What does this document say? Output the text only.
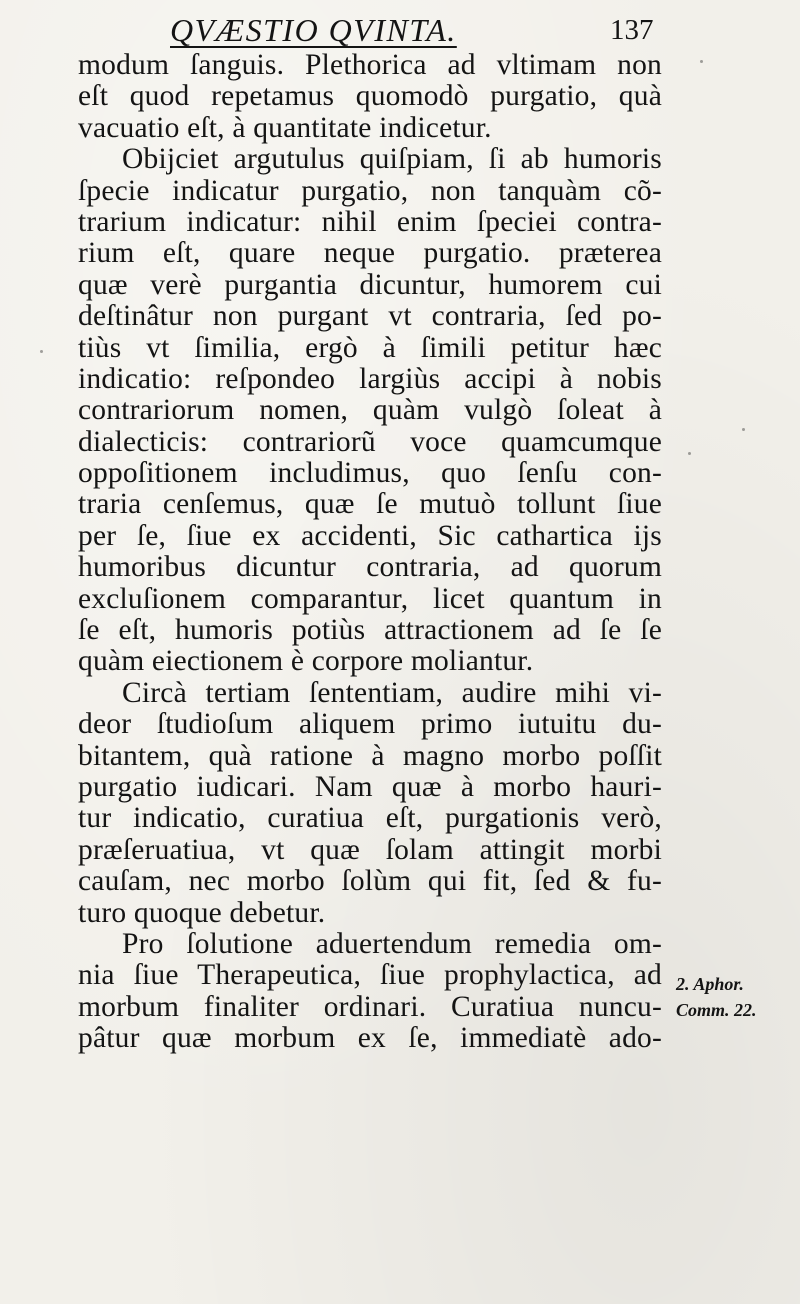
QVÆSTIO QVINTA.	137
modum ſanguis. Plethorica ad vltimam non
eſt quod repetamus quomodò purgatio, quà
vacuatio eſt, à quantitate indicetur.
Obijciet argutulus quiſpiam, ſi ab humoris
ſpecie indicatur purgatio, non tanquàm cõ-
trarium indicatur: nihil enim ſpeciei contra-
rium eſt, quare neque purgatio. præterea
quæ verè purgantia dicuntur, humorem cui
deſtinâtur non purgant vt contraria, ſed po-
tiùs vt ſimilia, ergò à ſimili petitur hæc
indicatio: reſpondeo largiùs accipi à nobis
contrariorum nomen, quàm vulgò ſoleat à
dialecticis: contrariorũ voce quamcumque
oppoſitionem includimus, quo ſenſu con-
traria cenſemus, quæ ſe mutuò tollunt ſiue
per ſe, ſiue ex accidenti, Sic cathartica ijs
humoribus dicuntur contraria, ad quorum
excluſionem comparantur, licet quantum in
ſe eſt, humoris potiùs attractionem ad ſe ſe
quàm eiectionem è corpore moliantur.
Circà tertiam ſententiam, audire mihi vi-
deor ſtudioſum aliquem primo iutuitu du-
bitantem, quà ratione à magno morbo poſſit
purgatio iudicari. Nam quæ à morbo hauri-
tur indicatio, curatiua eſt, purgationis verò,
præſeruatiua, vt quæ ſolam attingit morbi
cauſam, nec morbo ſolùm qui fit, ſed & fu-
turo quoque debetur.
Pro ſolutione aduertendum remedia om-
nia ſiue Therapeutica, ſiue prophylactica, ad
morbum finaliter ordinari. Curatiua nuncu-
pâtur quæ morbum ex ſe, immediatè ado-
2. Aphor.
Comm. 22.
